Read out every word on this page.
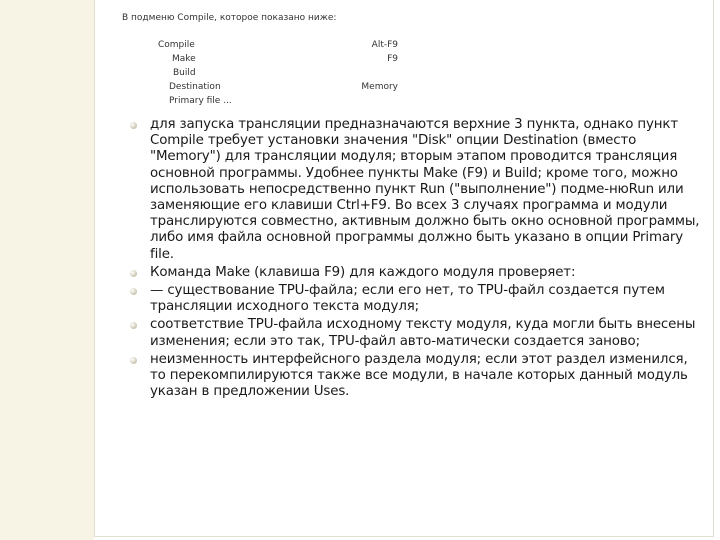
В подменю Compile, которое показано ниже:
Compile	Alt-F9
Make	F9
Build
Destination	Memory
Primary file ...
для запуска трансляции предназначаются верхние 3 пункта, однако пункт Compile требует установки значения "Disk" опции Destination (вместо "Memory") для трансляции модуля; вторым этапом проводится трансляция основной программы. Удобнее пункты Make (F9) и Build; кроме того, можно использовать непосредственно пункт Run ("выполнение") подме-нюRun или заменяющие его клавиши Ctrl+F9. Во всех 3 случаях программа и модули транслируются совместно, активным должно быть окно основной программы, либо имя файла основной программы должно быть указано в опции Primary file.
Команда Make (клавиша F9) для каждого модуля проверяет:
— существование TPU-файла; если его нет, то TPU-файл создается путем трансляции исходного текста модуля;
соответствие TPU-файла исходному тексту модуля, куда могли быть внесены изменения; если это так, TPU-файл авто-матически создается заново;
неизменность интерфейсного раздела модуля; если этот раздел изменился, то перекомпилируются также все модули, в начале которых данный модуль указан в предложении Uses.
